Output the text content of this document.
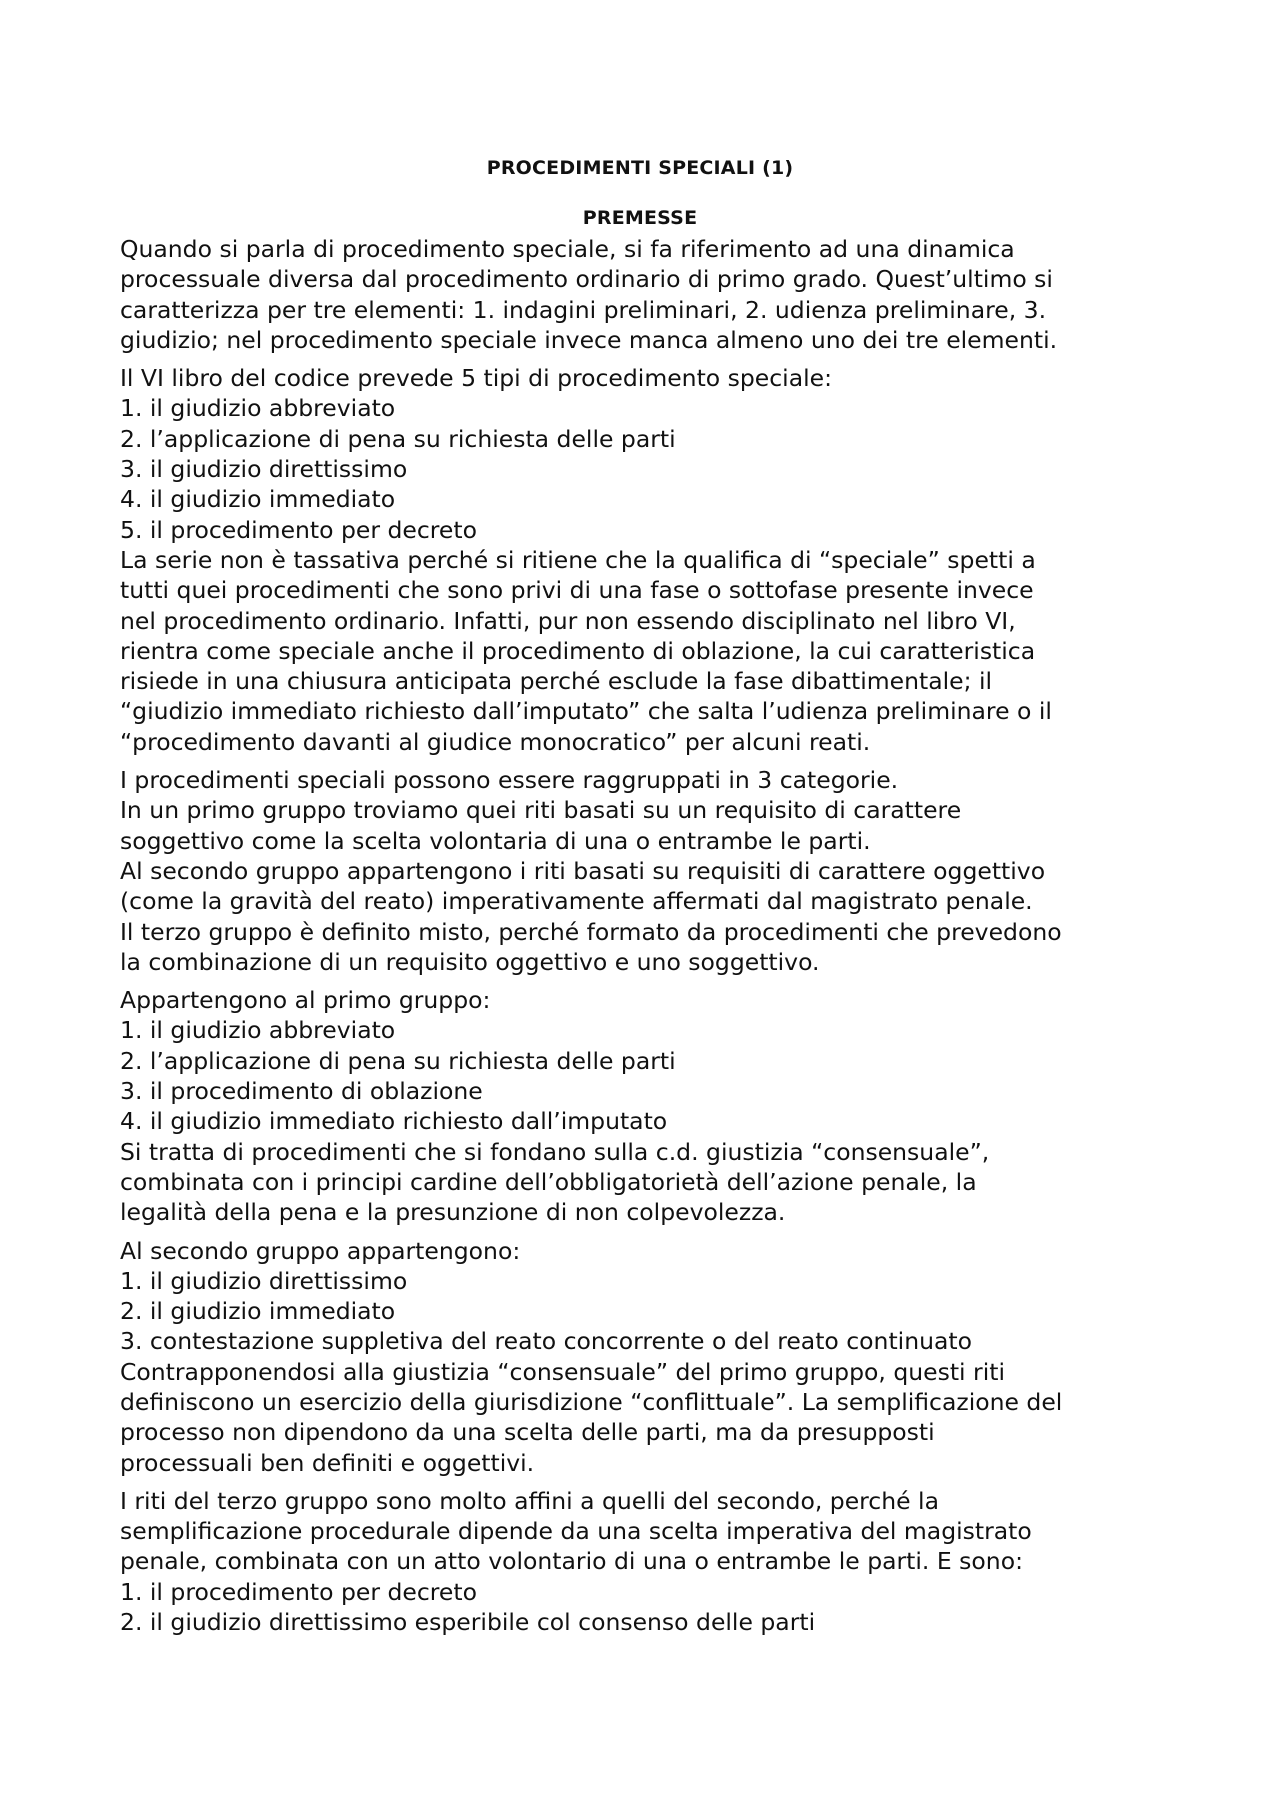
PROCEDIMENTI SPECIALI (1)
PREMESSE
Quando si parla di procedimento speciale, si fa riferimento ad una dinamica
processuale diversa dal procedimento ordinario di primo grado. Quest’ultimo si
caratterizza per tre elementi: 1. indagini preliminari, 2. udienza preliminare, 3.
giudizio; nel procedimento speciale invece manca almeno uno dei tre elementi.
Il VI libro del codice prevede 5 tipi di procedimento speciale:
1. il giudizio abbreviato
2. l’applicazione di pena su richiesta delle parti
3. il giudizio direttissimo
4. il giudizio immediato
5. il procedimento per decreto
La serie non è tassativa perché si ritiene che la qualifica di “speciale” spetti a
tutti quei procedimenti che sono privi di una fase o sottofase presente invece
nel procedimento ordinario. Infatti, pur non essendo disciplinato nel libro VI,
rientra come speciale anche il procedimento di oblazione, la cui caratteristica
risiede in una chiusura anticipata perché esclude la fase dibattimentale; il
“giudizio immediato richiesto dall’imputato” che salta l’udienza preliminare o il
“procedimento davanti al giudice monocratico” per alcuni reati.
I procedimenti speciali possono essere raggruppati in 3 categorie.
In un primo gruppo troviamo quei riti basati su un requisito di carattere
soggettivo come la scelta volontaria di una o entrambe le parti.
Al secondo gruppo appartengono i riti basati su requisiti di carattere oggettivo
(come la gravità del reato) imperativamente affermati dal magistrato penale.
Il terzo gruppo è definito misto, perché formato da procedimenti che prevedono
la combinazione di un requisito oggettivo e uno soggettivo.
Appartengono al primo gruppo:
1. il giudizio abbreviato
2. l’applicazione di pena su richiesta delle parti
3. il procedimento di oblazione
4. il giudizio immediato richiesto dall’imputato
Si tratta di procedimenti che si fondano sulla c.d. giustizia “consensuale”,
combinata con i principi cardine dell’obbligatorietà dell’azione penale, la
legalità della pena e la presunzione di non colpevolezza.
Al secondo gruppo appartengono:
1. il giudizio direttissimo
2. il giudizio immediato
3. contestazione suppletiva del reato concorrente o del reato continuato
Contrapponendosi alla giustizia “consensuale” del primo gruppo, questi riti
definiscono un esercizio della giurisdizione “conflittuale”. La semplificazione del
processo non dipendono da una scelta delle parti, ma da presupposti
processuali ben definiti e oggettivi.
I riti del terzo gruppo sono molto affini a quelli del secondo, perché la
semplificazione procedurale dipende da una scelta imperativa del magistrato
penale, combinata con un atto volontario di una o entrambe le parti. E sono:
1. il procedimento per decreto
2. il giudizio direttissimo esperibile col consenso delle parti
